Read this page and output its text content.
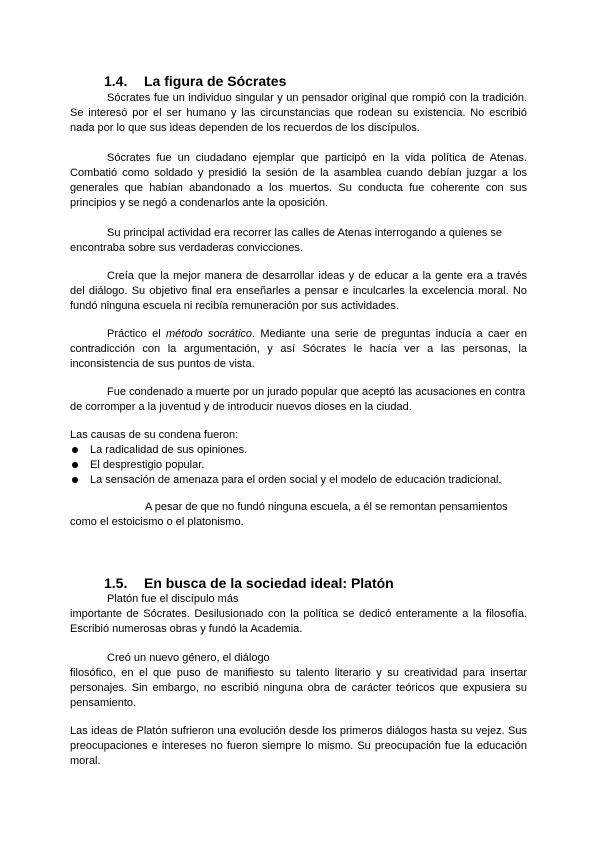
1.4. La figura de Sócrates

Sócrates fue un individuo singular y un pensador original que rompió con la tradición. Se interesó por el ser humano y las circunstancias que rodean su existencia. No escribió nada por lo que sus ideas dependen de los recuerdos de los discípulos.

Sócrates fue un ciudadano ejemplar que participó en la vida política de Atenas. Combatió como soldado y presidió la sesión de la asamblea cuando debían juzgar a los generales que habían abandonado a los muertos. Su conducta fue coherente con sus principios y se negó a condenarlos ante la oposición.

Su principal actividad era recorrer las calles de Atenas interrogando a quienes se encontraba sobre sus verdaderas convicciones.

Creía que la mejor manera de desarrollar ideas y de educar a la gente era a través del diálogo. Su objetivo final era enseñarles a pensar e inculcarles la excelencia moral. No fundó ninguna escuela ni recibía remuneración por sus actividades.

Práctico el método socrático. Mediante una serie de preguntas inducía a caer en contradicción con la argumentación, y así Sócrates le hacía ver a las personas, la inconsistencia de sus puntos de vista.

Fue condenado a muerte por un jurado popular que aceptó las acusaciones en contra de corromper a la juventud y de introducir nuevos dioses en la ciudad.

Las causas de su condena fueron:

La radicalidad de sus opiniones.
El desprestigio popular.
La sensación de amenaza para el orden social y el modelo de educación tradicional.

A pesar de que no fundó ninguna escuela, a él se remontan pensamientos como el estoicismo o el platonismo.

1.5. En busca de la sociedad ideal: Platón

Platón fue el discípulo más

importante de Sócrates. Desilusionado con la política se dedicó enteramente a la filosofía. Escribió numerosas obras y fundó la Academia.

Creó un nuevo género, el diálogo

filosófico, en el que puso de manifiesto su talento literario y su creatividad para insertar personajes. Sin embargo, no escribió ninguna obra de carácter teóricos que expusiera su pensamiento.

Las ideas de Platón sufrieron una evolución desde los primeros diálogos hasta su vejez. Sus preocupaciones e intereses no fueron siempre lo mismo. Su preocupación fue la educación moral.
